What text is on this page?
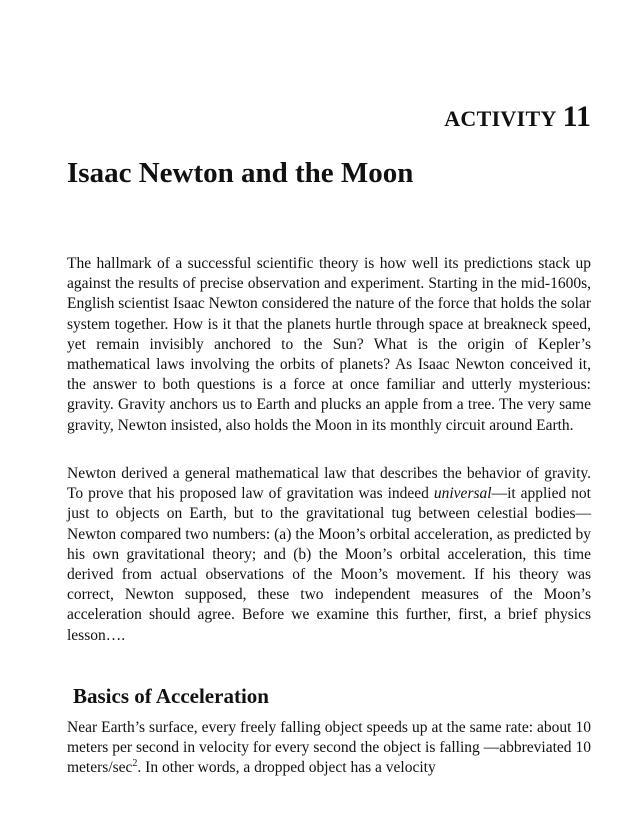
ACTIVITY 11
Isaac Newton and the Moon

The hallmark of a successful scientific theory is how well its predictions stack up against the results of precise observation and experiment. Starting in the mid-1600s, English scientist Isaac Newton considered the nature of the force that holds the solar system together. How is it that the planets hurtle through space at breakneck speed, yet remain invisibly anchored to the Sun? What is the origin of Kepler’s mathematical laws involving the orbits of planets? As Isaac Newton conceived it, the answer to both questions is a force at once familiar and utterly mysterious: gravity. Gravity anchors us to Earth and plucks an apple from a tree. The very same gravity, Newton insisted, also holds the Moon in its monthly circuit around Earth.

Newton derived a general mathematical law that describes the behavior of gravity. To prove that his proposed law of gravitation was indeed universal—it applied not just to objects on Earth, but to the gravitational tug between celestial bodies—Newton compared two numbers: (a) the Moon’s orbital acceleration, as predicted by his own gravitational theory; and (b) the Moon’s orbital acceleration, this time derived from actual observations of the Moon’s movement. If his theory was correct, Newton supposed, these two independent measures of the Moon’s acceleration should agree. Before we examine this further, first, a brief physics lesson….

Basics of Acceleration

Near Earth’s surface, every freely falling object speeds up at the same rate: about 10 meters per second in velocity for every second the object is falling —abbreviated 10 meters/$\sec^2$. In other words, a dropped object has a velocity
